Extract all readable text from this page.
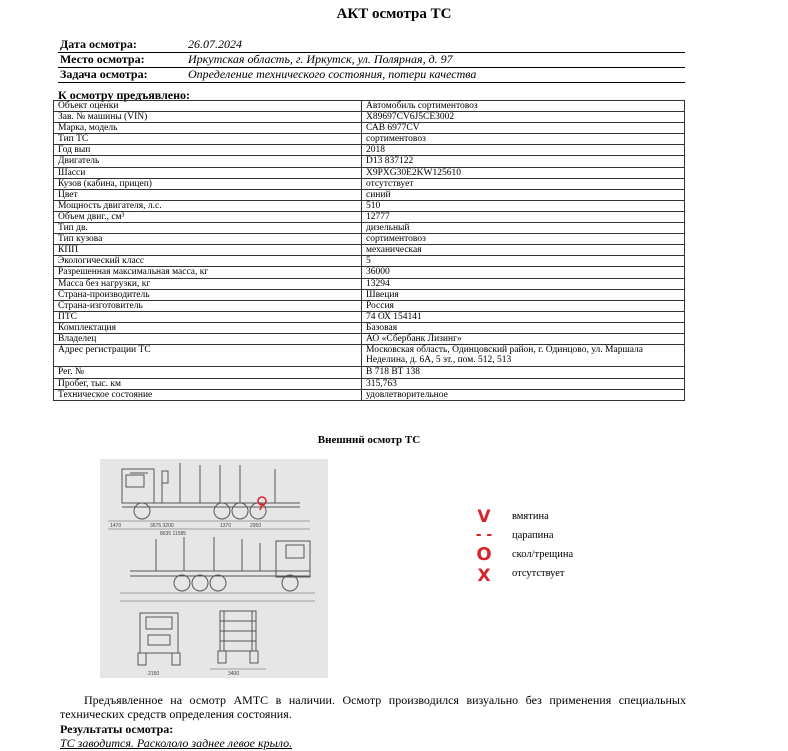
АКТ осмотра ТС
Дата осмотра:	26.07.2024
Место осмотра:	Иркутская область, г. Иркутск, ул. Полярная, д. 97
Задача осмотра:	Определение технического состояния, потери качества
К осмотру предъявлено:
Объект оценки	Автомобиль сортиментовоз
Зав. № машины (VIN)	X89697CV6J5CE3002
Марка, модель	САВ 6977CV
Тип ТС	сортиментовоз
Год вып	2018
Двигатель	D13 837122
Шасси	X9PXG30E2KW125610
Кузов (кабина, прицеп)	отсутствует
Цвет	синий
Мощность двигателя, л.с.	510
Объем двиг., см³	12777
Тип дв.	дизельный
Тип кузова	сортиментовоз
КПП	механическая
Экологический класс	5
Разрешенная максимальная масса, кг	36000
Масса без нагрузки, кг	13294
Страна-производитель	Швеция
Страна-изготовитель	Россия
ПТС	74 ОХ 154141
Комплектация	Базовая
Владелец	АО «Сбербанк Лизинг»
Адрес регистрации ТС	Московская область, Одинцовский район, г. Одинцово, ул. Маршала Неделина, д. 6А, 5 эт., пом. 512, 513
Рег. №	В 718 ВТ 138
Пробег, тыс. км	315,763
Техническое состояние	удовлетворительное
Внешний осмотр ТС
1470	3675 3200	1370	2950
8635 11585
2150	3400
V	вмятина
- - царапина
O	скол/трещина
X	отсутствует
Предъявленное на осмотр АМТС в наличии. Осмотр производился визуально без применения специальных технических средств определения состояния.
Результаты осмотра:
ТС заводится. Раскололо заднее левое крыло.
